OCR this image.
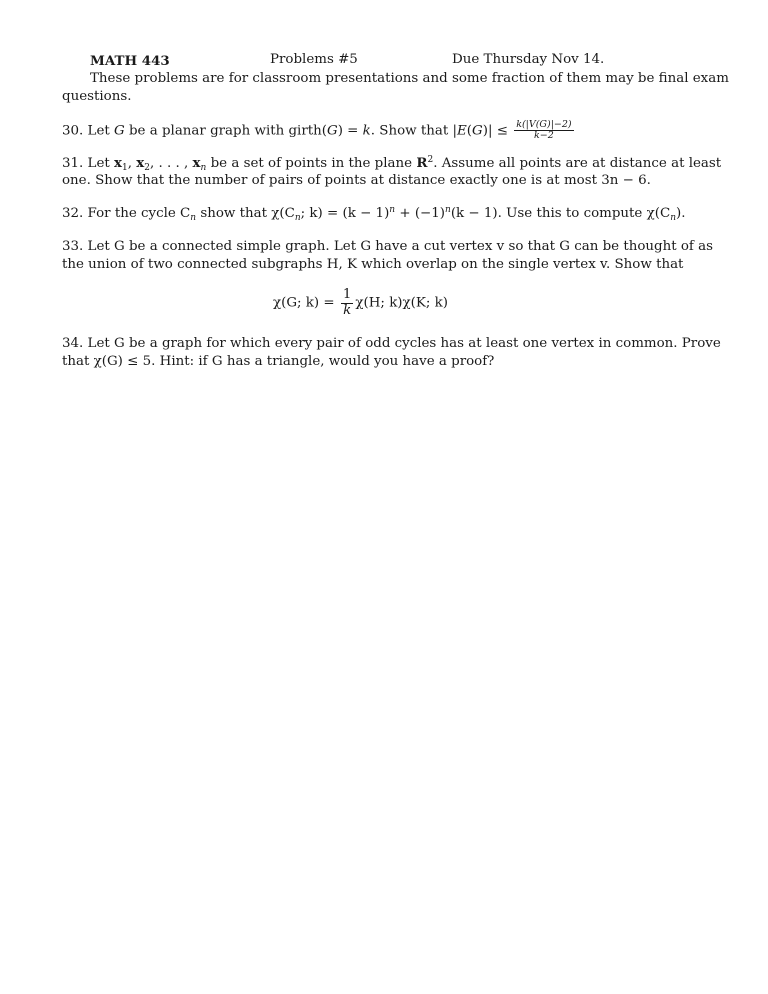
MATH 443	Problems #5	Due Thursday Nov 14.
These problems are for classroom presentations and some fraction of them may be final exam
questions.
30. Let G be a planar graph with girth(G) = k. Show that $|E(G)| \le \frac{k(|V(G)|-2)}{k-2}$
31. Let $x_1$, $x_2$, . . . , $x_n$ be a set of points in the plane $R^2$. Assume all points are at distance at least
one. Show that the number of pairs of points at distance exactly one is at most 3n − 6.
32. For the cycle $C_n$ show that $\chi(C_n$; $k) = (k - 1)^n + (-1)^n(k - 1)$. Use this to compute $\chi(C_n)$.
33. Let G be a connected simple graph. Let G have a cut vertex v so that G can be thought of as
the union of two connected subgraphs H, K which overlap on the single vertex v. Show that
χ(G; $k) = \frac{1}{k} \chi(H$; k)χ(K; k)
34. Let G be a graph for which every pair of odd cycles has at least one vertex in common. Prove
that χ(G) ≤ 5. Hint: if G has a triangle, would you have a proof?
